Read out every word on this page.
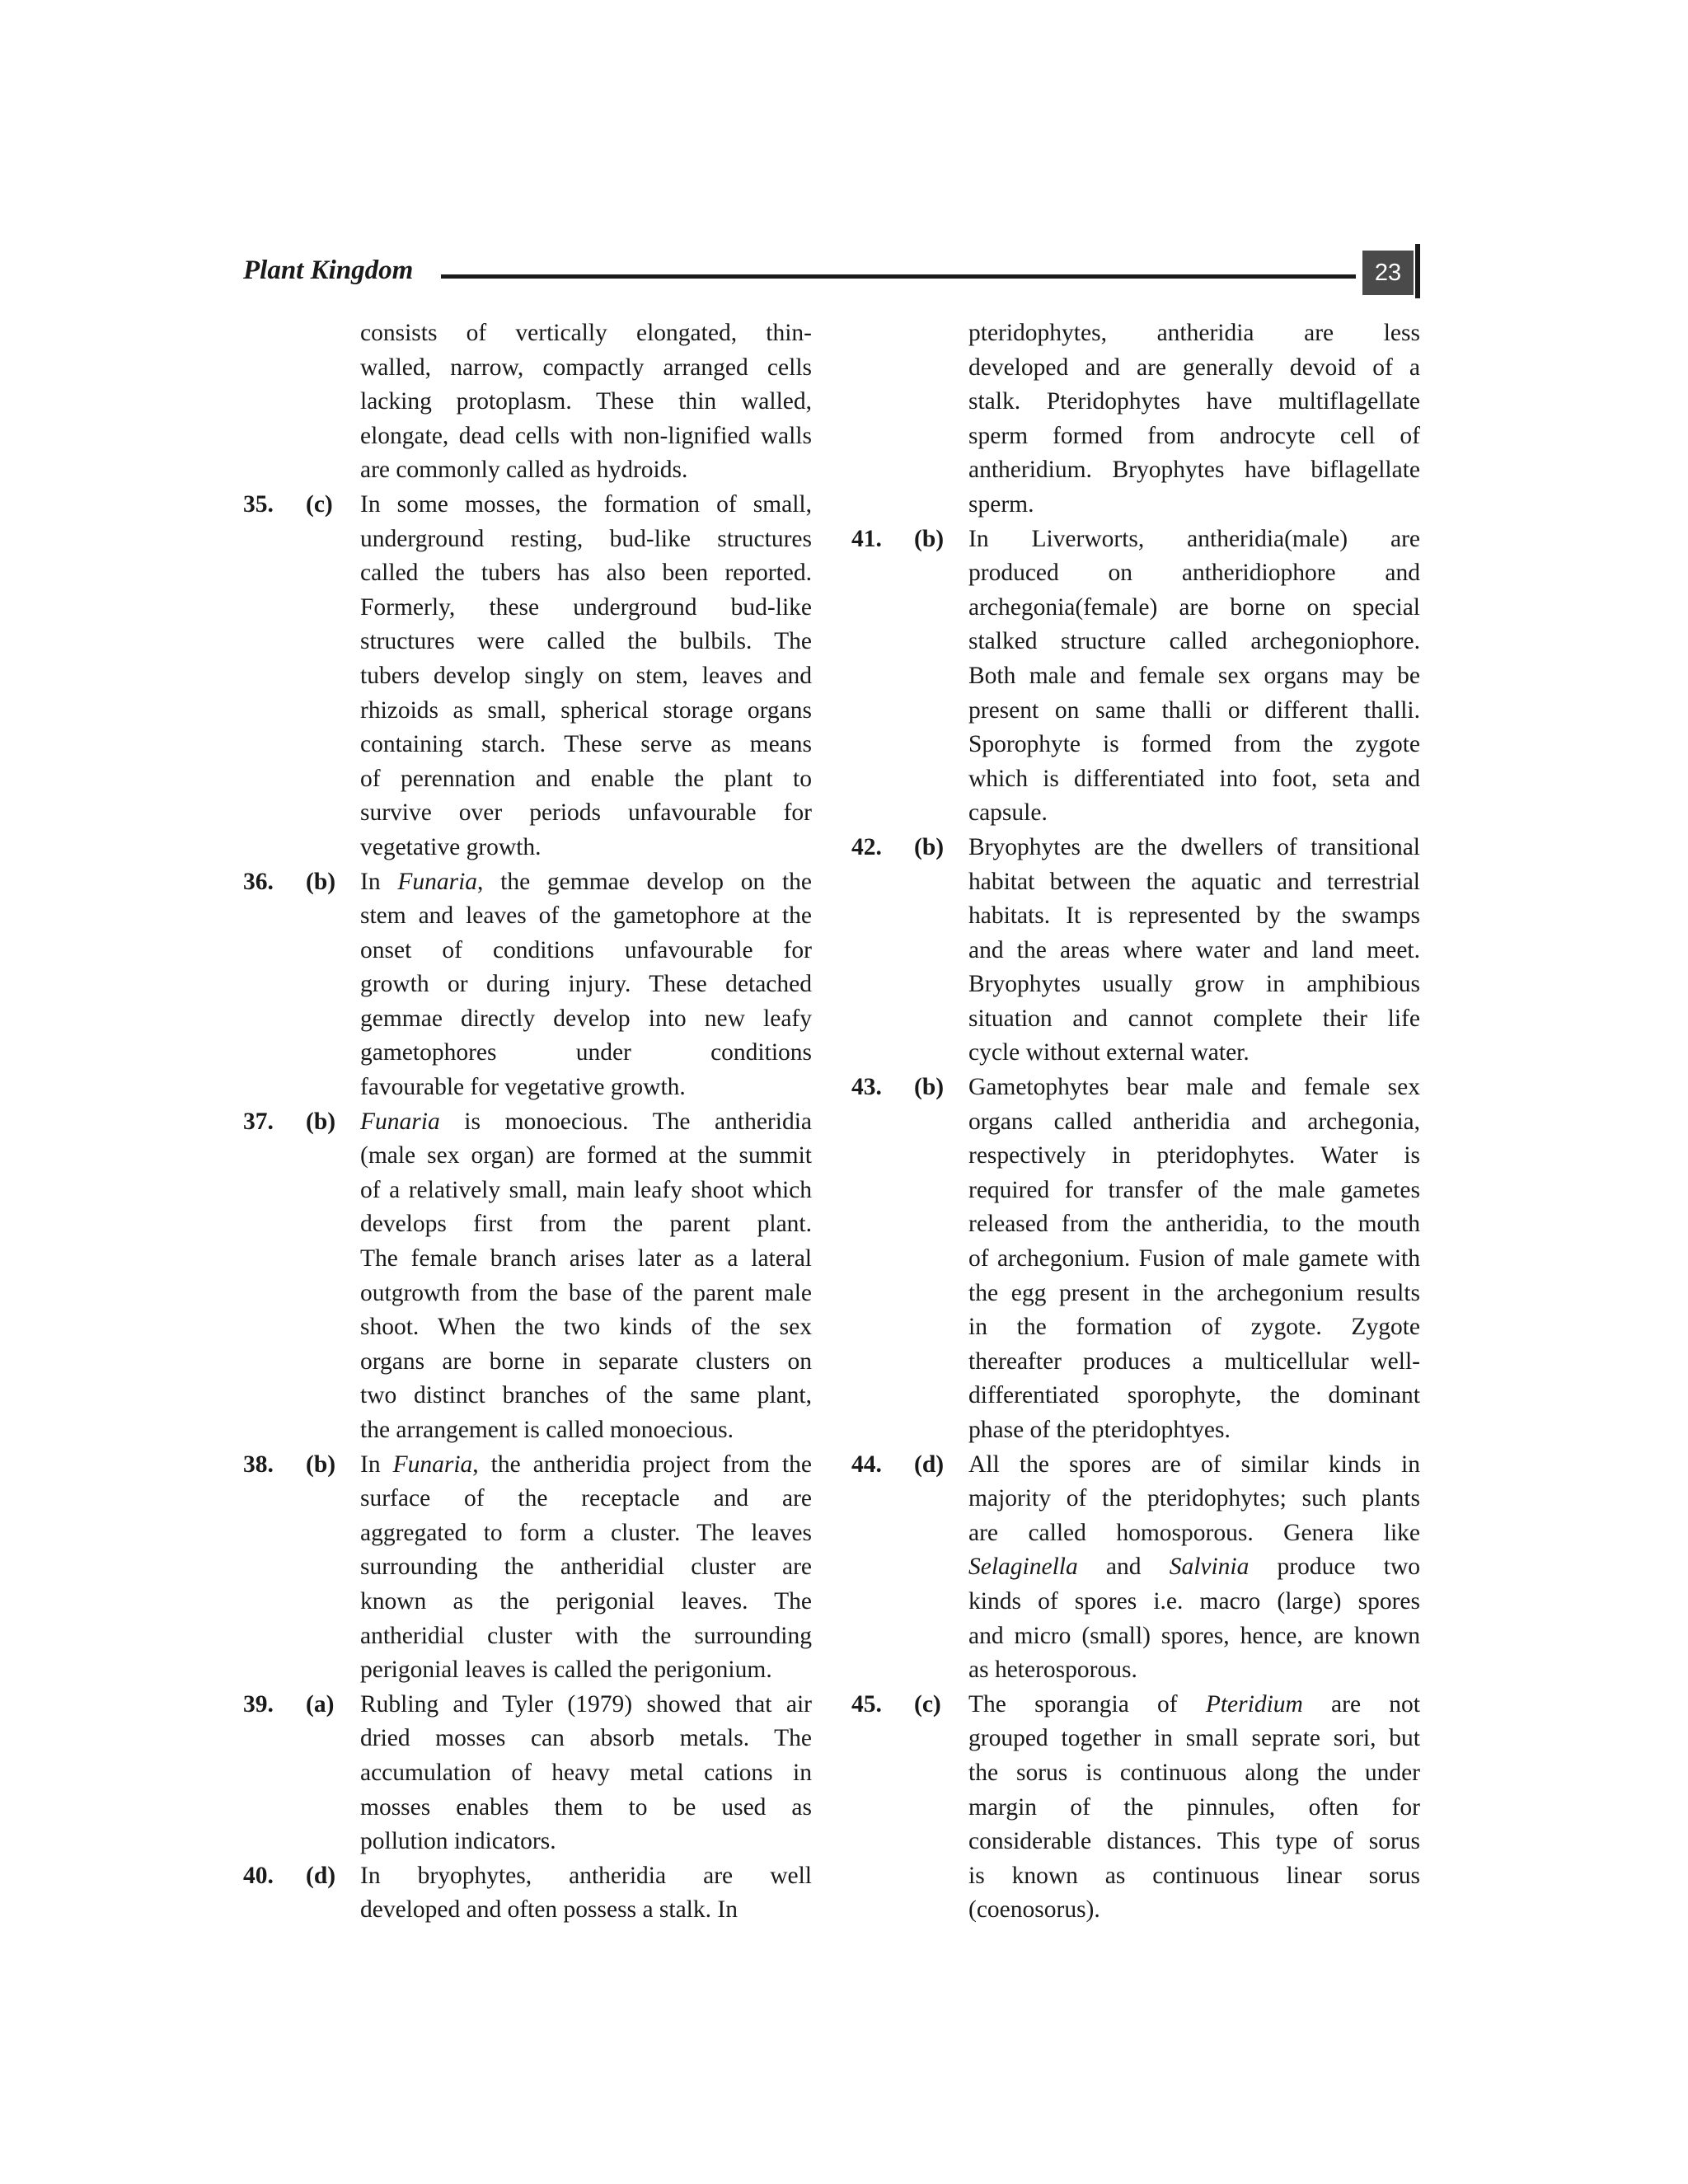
Plant Kingdom	23
consists of vertically elongated, thin-
walled, narrow, compactly arranged cells
lacking protoplasm. These thin walled,
elongate, dead cells with non-lignified walls
are commonly called as hydroids.
35. (c) In some mosses, the formation of small,
underground resting, bud-like structures
called the tubers has also been reported.
Formerly, these underground bud-like
structures were called the bulbils. The
tubers develop singly on stem, leaves and
rhizoids as small, spherical storage organs
containing starch. These serve as means
of perennation and enable the plant to
survive over periods unfavourable for
vegetative growth.
36. (b) In Funaria, the gemmae develop on the
stem and leaves of the gametophore at the
onset of conditions unfavourable for
growth or during injury. These detached
gemmae directly develop into new leafy
gametophores under conditions
favourable for vegetative growth.
37. (b) Funaria is monoecious. The antheridia
(male sex organ) are formed at the summit
of a relatively small, main leafy shoot which
develops first from the parent plant.
The female branch arises later as a lateral
outgrowth from the base of the parent male
shoot. When the two kinds of the sex
organs are borne in separate clusters on
two distinct branches of the same plant,
the arrangement is called monoecious.
38. (b) In Funaria, the antheridia project from the
surface of the receptacle and are
aggregated to form a cluster. The leaves
surrounding the antheridial cluster are
known as the perigonial leaves. The
antheridial cluster with the surrounding
perigonial leaves is called the perigonium.
39. (a) Rubling and Tyler (1979) showed that air
dried mosses can absorb metals. The
accumulation of heavy metal cations in
mosses enables them to be used as
pollution indicators.
40. (d) In bryophytes, antheridia are well
developed and often possess a stalk. In
pteridophytes, antheridia are less
developed and are generally devoid of a
stalk. Pteridophytes have multiflagellate
sperm formed from androcyte cell of
antheridium. Bryophytes have biflagellate
sperm.
41. (b) In Liverworts, antheridia(male) are
produced on antheridiophore and
archegonia(female) are borne on special
stalked structure called archegoniophore.
Both male and female sex organs may be
present on same thalli or different thalli.
Sporophyte is formed from the zygote
which is differentiated into foot, seta and
capsule.
42. (b) Bryophytes are the dwellers of transitional
habitat between the aquatic and terrestrial
habitats. It is represented by the swamps
and the areas where water and land meet.
Bryophytes usually grow in amphibious
situation and cannot complete their life
cycle without external water.
43. (b) Gametophytes bear male and female sex
organs called antheridia and archegonia,
respectively in pteridophytes. Water is
required for transfer of the male gametes
released from the antheridia, to the mouth
of archegonium. Fusion of male gamete with
the egg present in the archegonium results
in the formation of zygote. Zygote
thereafter produces a multicellular well-
differentiated sporophyte, the dominant
phase of the pteridophtyes.
44. (d) All the spores are of similar kinds in
majority of the pteridophytes; such plants
are called homosporous. Genera like
Selaginella and Salvinia produce two
kinds of spores i.e. macro (large) spores
and micro (small) spores, hence, are known
as heterosporous.
45. (c) The sporangia of Pteridium are not
grouped together in small seprate sori, but
the sorus is continuous along the under
margin of the pinnules, often for
considerable distances. This type of sorus
is known as continuous linear sorus
(coenosorus).
